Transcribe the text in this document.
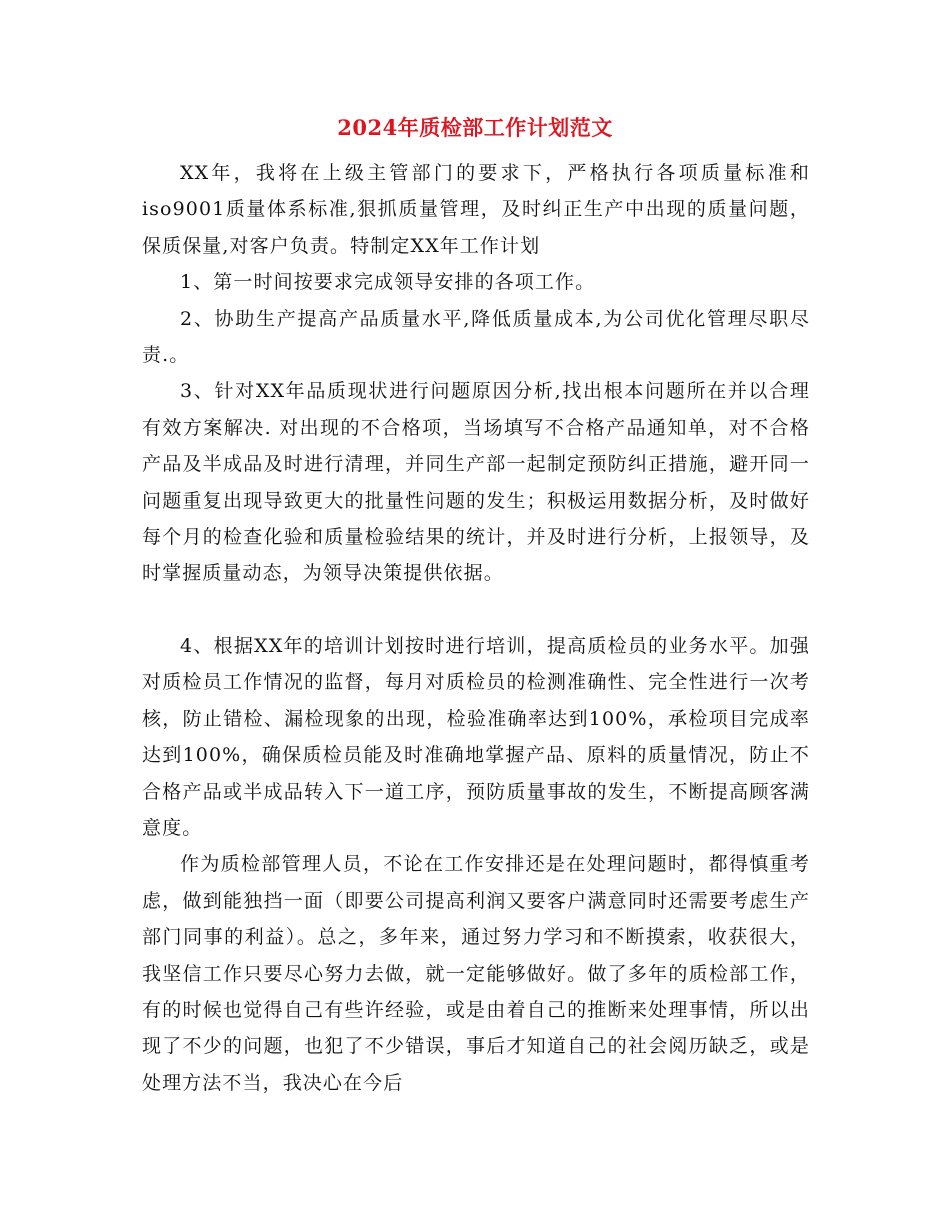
2024年质检部工作计划范文

XX年，我将在上级主管部门的要求下，严格执行各项质量标准和iso9001质量体系标准,狠抓质量管理，及时纠正生产中出现的质量问题，保质保量,对客户负责。特制定XX年工作计划

1、第一时间按要求完成领导安排的各项工作。

2、协助生产提高产品质量水平,降低质量成本,为公司优化管理尽职尽责.。

3、针对XX年品质现状进行问题原因分析,找出根本问题所在并以合理有效方案解决. 对出现的不合格项，当场填写不合格产品通知单，对不合格产品及半成品及时进行清理，并同生产部一起制定预防纠正措施，避开同一问题重复出现导致更大的批量性问题的发生；积极运用数据分析，及时做好每个月的检查化验和质量检验结果的统计，并及时进行分析，上报领导，及时掌握质量动态，为领导决策提供依据。

4、根据XX年的培训计划按时进行培训，提高质检员的业务水平。加强对质检员工作情况的监督，每月对质检员的检测准确性、完全性进行一次考核，防止错检、漏检现象的出现，检验准确率达到100%，承检项目完成率达到100%，确保质检员能及时准确地掌握产品、原料的质量情况，防止不合格产品或半成品转入下一道工序，预防质量事故的发生，不断提高顾客满意度。

作为质检部管理人员，不论在工作安排还是在处理问题时，都得慎重考虑，做到能独挡一面（即要公司提高利润又要客户满意同时还需要考虑生产部门同事的利益）。总之，多年来，通过努力学习和不断摸索，收获很大，我坚信工作只要尽心努力去做，就一定能够做好。做了多年的质检部工作，有的时候也觉得自己有些许经验，或是由着自己的推断来处理事情，所以出现了不少的问题，也犯了不少错误，事后才知道自己的社会阅历缺乏，或是处理方法不当，我决心在今后
